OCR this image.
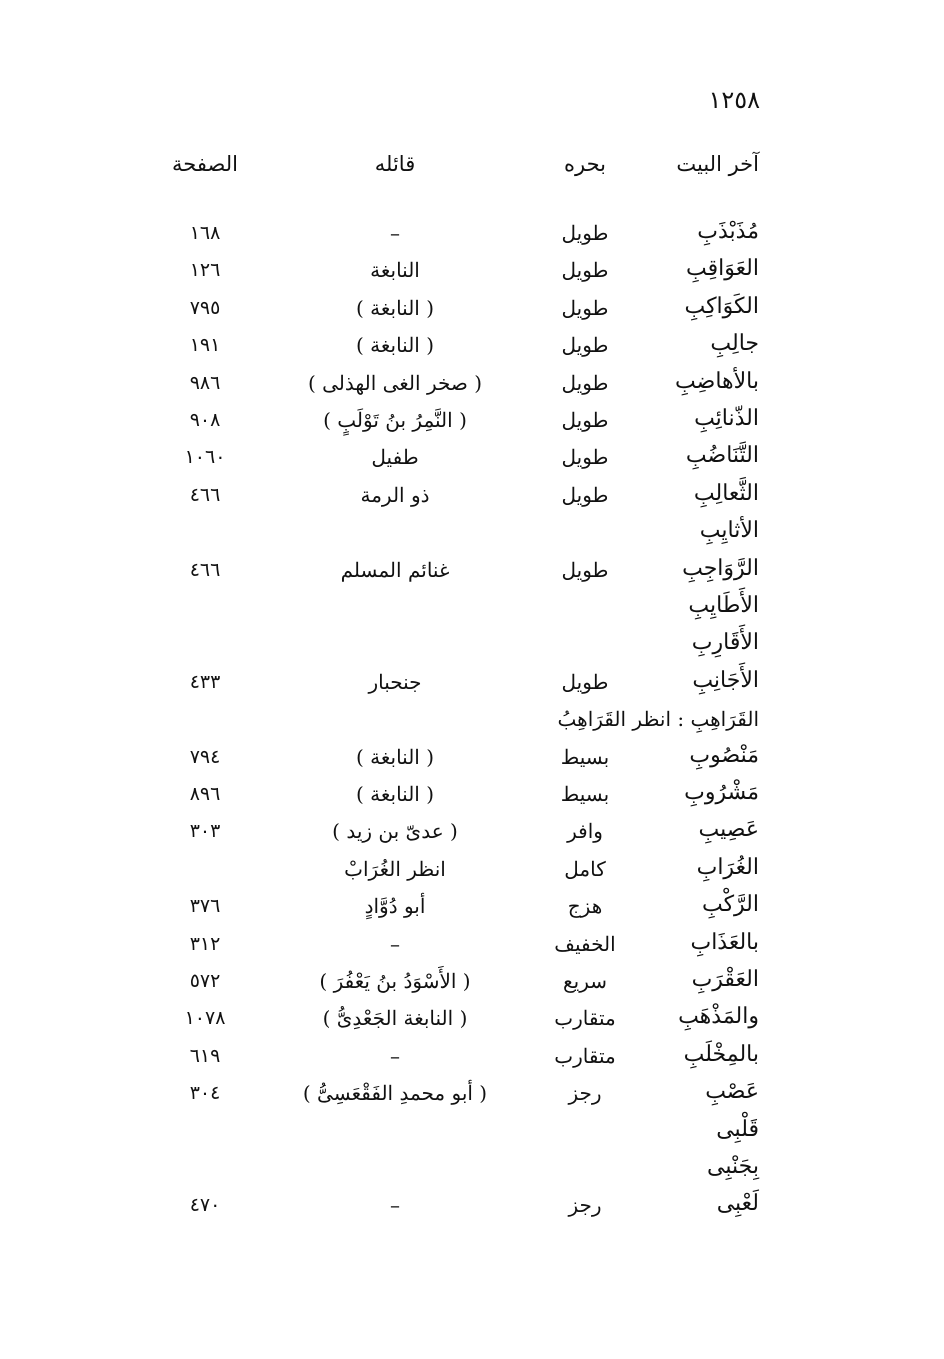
١٢٥٨
آخر البيت
بحره
قائله
الصفحة
مُذَبْذَبِ
طويل
–
١٦٨
العَوَاقِبِ
طويل
النابغة
١٢٦
الكَوَاكِبِ
طويل
( النابغة )
٧٩٥
جالِبِ
طويل
( النابغة )
١٩١
بالأهاضِبِ
طويل
( صخر الغى الهذلى )
٩٨٦
الذّنائِبِ
طويل
( النَّمِرُ بنُ تَوْلَبٍ )
٩٠٨
التَّنَاضُبِ
طويل
طفيل
١٠٦٠
الثَّعالِبِ
طويل
ذو الرمة
٤٦٦
الأثايِبِ
الرَّوَاجِبِ
طويل
غنائم المسلم
٤٦٦
الأَطَايِبِ
الأَقَارِبِ
الأَجَانِبِ
طويل
جنحبار
٤٣٣
القَرَاهِبِ : انظر القَرَاهِبُ
مَنْصُوبِ
بسيط
( النابغة )
٧٩٤
مَشْرُوبِ
بسيط
( النابغة )
٨٩٦
عَصِيبِ
وافر
( عدىّ بن زيد )
٣٠٣
الغُرَابِ
كامل
انظر الغُرَابْ
الرَّكْبِ
هزج
أبو دُوَّادٍ
٣٧٦
بالعَذَابِ
الخفيف
–
٣١٢
العَقْرَبِ
سريع
( الأَسْوَدُ بنُ يَعْفُرَ )
٥٧٢
والمَذْهَبِ
متقارب
( النابغة الجَعْدِىُّ )
١٠٧٨
بالمِخْلَبِ
متقارب
–
٦١٩
عَصْبِ
رجز
( أبو محمدِ الفَقْعَسِىُّ )
٣٠٤
قَلْبِى
بِجَنْبِى
لَعْبِى
رجز
–
٤٧٠
